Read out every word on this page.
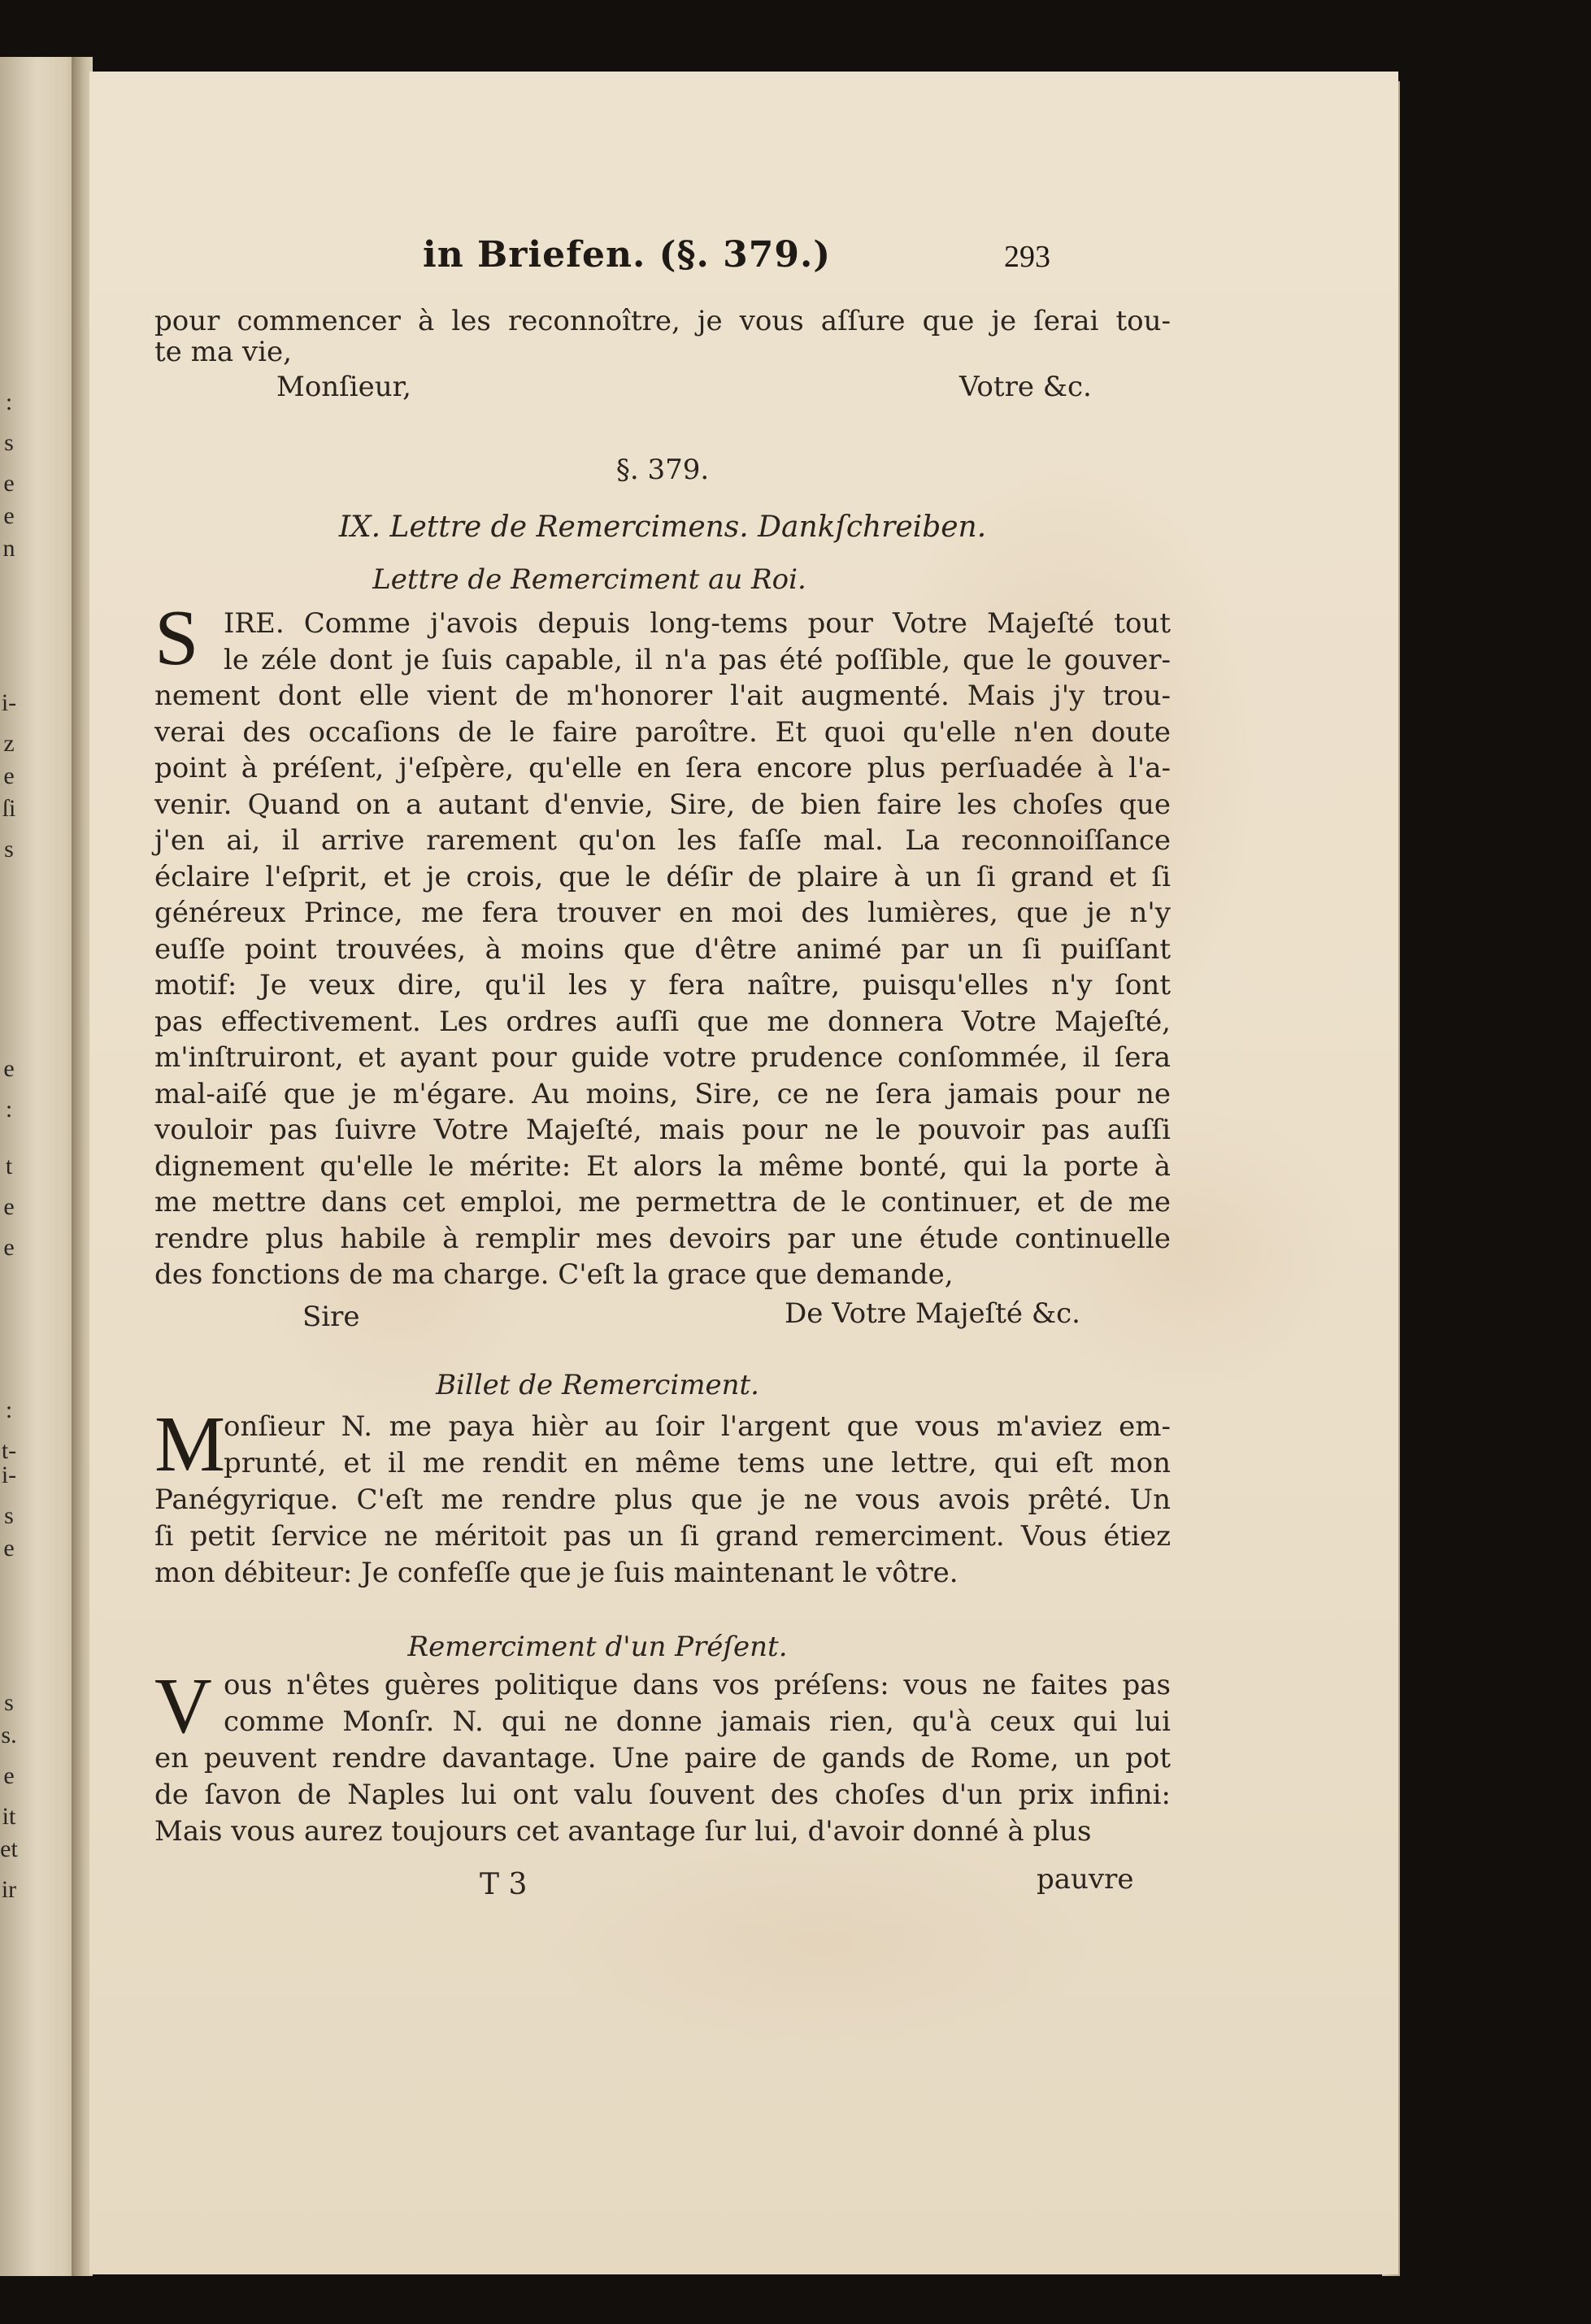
:
s
e
e
n
i-
z
e
ſi
s
e
:
t
e
e
:
t-
i-
s
e
s
s.
e
it
et
ir
in Briefen. (§. 379.)	293
pour commencer à les reconnoître, je vous aſſure que je ſerai tou-
te ma vie,
Monſieur,	Votre &c.
§. 379.
IX. Lettre de Remercimens. Dankſchreiben.
Lettre de Remerciment au Roi.
S IRE. Comme j'avois depuis long-tems pour Votre Majeſté tout
le zéle dont je ſuis capable, il n'a pas été poſſible, que le gouver-
nement dont elle vient de m'honorer l'ait augmenté. Mais j'y trou-
verai des occaſions de le faire paroître. Et quoi qu'elle n'en doute
point à préſent, j'eſpère, qu'elle en ſera encore plus perſuadée à l'a-
venir. Quand on a autant d'envie, Sire, de bien faire les choſes que
j'en ai, il arrive rarement qu'on les faſſe mal. La reconnoiſſance
éclaire l'eſprit, et je crois, que le déſir de plaire à un ſi grand et ſi
généreux Prince, me fera trouver en moi des lumières, que je n'y
euſſe point trouvées, à moins que d'être animé par un ſi puiſſant
motif: Je veux dire, qu'il les y fera naître, puisqu'elles n'y ſont
pas effectivement. Les ordres auſſi que me donnera Votre Majeſté,
m'inſtruiront, et ayant pour guide votre prudence conſommée, il ſera
mal-aiſé que je m'égare. Au moins, Sire, ce ne ſera jamais pour ne
vouloir pas ſuivre Votre Majeſté, mais pour ne le pouvoir pas auſſi
dignement qu'elle le mérite: Et alors la même bonté, qui la porte à
me mettre dans cet emploi, me permettra de le continuer, et de me
rendre plus habile à remplir mes devoirs par une étude continuelle
des fonctions de ma charge. C'eſt la grace que demande,
Sire	De Votre Majeſté &c.
Billet de Remerciment.
M
onſieur N. me paya hièr au ſoir l'argent que vous m'aviez em-
prunté, et il me rendit en même tems une lettre, qui eſt mon
Panégyrique. C'eſt me rendre plus que je ne vous avois prêté. Un
ſi petit ſervice ne méritoit pas un ſi grand remerciment. Vous étiez
mon débiteur: Je confeſſe que je ſuis maintenant le vôtre.
Remerciment d'un Préſent.
V ous n'êtes guères politique dans vos préſens: vous ne faites pas
comme Monſr. N. qui ne donne jamais rien, qu'à ceux qui lui
en peuvent rendre davantage. Une paire de gands de Rome, un pot
de ſavon de Naples lui ont valu ſouvent des choſes d'un prix infini:
Mais vous aurez toujours cet avantage ſur lui, d'avoir donné à plus
T 3	pauvre
